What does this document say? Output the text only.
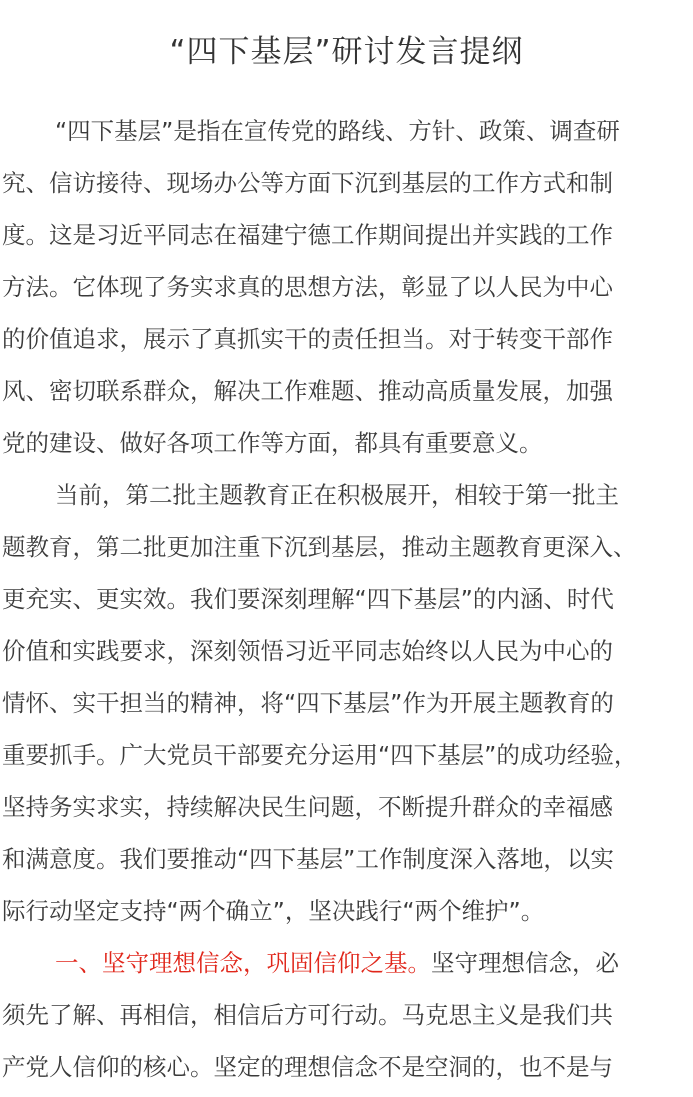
“四下基层”研讨发言提纲
“四下基层”是指在宣传党的路线、方针、政策、调查研
究、信访接待、现场办公等方面下沉到基层的工作方式和制
度。这是习近平同志在福建宁德工作期间提出并实践的工作
方法。它体现了务实求真的思想方法，彰显了以人民为中心
的价值追求，展示了真抓实干的责任担当。对于转变干部作
风、密切联系群众，解决工作难题、推动高质量发展，加强
党的建设、做好各项工作等方面，都具有重要意义。
当前，第二批主题教育正在积极展开，相较于第一批主
题教育，第二批更加注重下沉到基层，推动主题教育更深入、
更充实、更实效。我们要深刻理解“四下基层”的内涵、时代
价值和实践要求，深刻领悟习近平同志始终以人民为中心的
情怀、实干担当的精神，将“四下基层”作为开展主题教育的
重要抓手。广大党员干部要充分运用“四下基层”的成功经验，
坚持务实求实，持续解决民生问题，不断提升群众的幸福感
和满意度。我们要推动“四下基层”工作制度深入落地，以实
际行动坚定支持“两个确立”，坚决践行“两个维护”。
一、坚守理想信念，巩固信仰之基。坚守理想信念，必
须先了解、再相信，相信后方可行动。马克思主义是我们共
产党人信仰的核心。坚定的理想信念不是空洞的，也不是与
